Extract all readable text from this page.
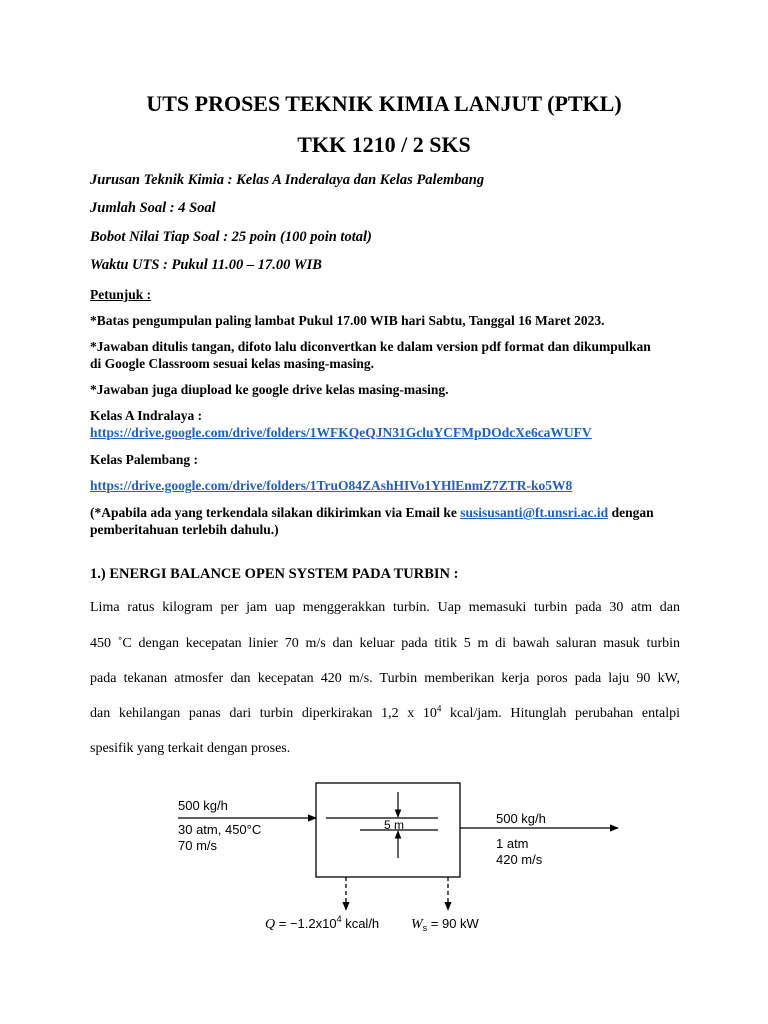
UTS PROSES TEKNIK KIMIA LANJUT (PTKL)
TKK 1210 / 2 SKS

Jurusan Teknik Kimia : Kelas A Inderalaya dan Kelas Palembang

Jumlah Soal : 4 Soal

Bobot Nilai Tiap Soal : 25 poin (100 poin total)

Waktu UTS : Pukul 11.00 – 17.00 WIB

Petunjuk :

*Batas pengumpulan paling lambat Pukul 17.00 WIB hari Sabtu, Tanggal 16 Maret 2023.

*Jawaban ditulis tangan, difoto lalu diconvertkan ke dalam version pdf format dan dikumpulkan

di Google Classroom sesuai kelas masing-masing.

*Jawaban juga diupload ke google drive kelas masing-masing.

Kelas A Indralaya :

https://drive.google.com/drive/folders/1WFKQeQJN31GcluYCFMpDOdcXe6caWUFV

Kelas Palembang :

https://drive.google.com/drive/folders/1TruO84ZAshHIVo1YHlEnmZ7ZTR-ko5W8

(*Apabila ada yang terkendala silakan dikirimkan via Email ke susisusanti@ft.unsri.ac.id dengan

pemberitahuan terlebih dahulu.)

1.) ENERGI BALANCE OPEN SYSTEM PADA TURBIN :

Lima ratus kilogram per jam uap menggerakkan turbin. Uap memasuki turbin pada 30 atm dan

450 ˚C dengan kecepatan linier 70 m/s dan keluar pada titik 5 m di bawah saluran masuk turbin

pada tekanan atmosfer dan kecepatan 420 m/s. Turbin memberikan kerja poros pada laju 90 kW,

dan kehilangan panas dari turbin diperkirakan 1,2 x $10^4$ kcal/jam. Hitunglah perubahan entalpi

spesifik yang terkait dengan proses.

500 kg/h
30 atm, 450°C
70 m/s
5 m	500 kg/h
1 atm
420 m/s
$Q = -1.2x10^4$ kcal/h $W_s = 90$ kW
